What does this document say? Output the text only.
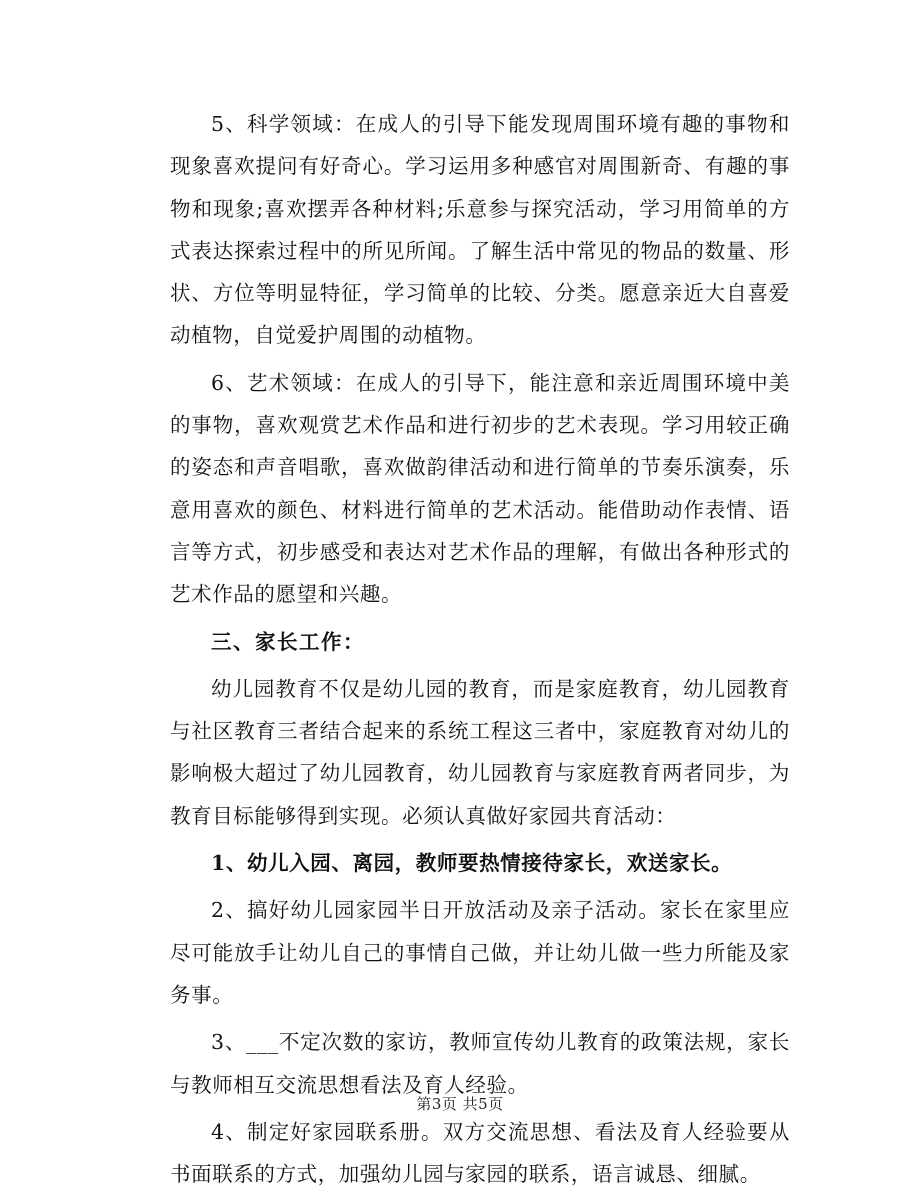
5、科学领域：在成人的引导下能发现周围环境有趣的事物和现象喜欢提问有好奇心。学习运用多种感官对周围新奇、有趣的事物和现象;喜欢摆弄各种材料;乐意参与探究活动，学习用简单的方式表达探索过程中的所见所闻。了解生活中常见的物品的数量、形状、方位等明显特征，学习简单的比较、分类。愿意亲近大自喜爱动植物，自觉爱护周围的动植物。

6、艺术领域：在成人的引导下，能注意和亲近周围环境中美的事物，喜欢观赏艺术作品和进行初步的艺术表现。学习用较正确的姿态和声音唱歌，喜欢做韵律活动和进行简单的节奏乐演奏，乐意用喜欢的颜色、材料进行简单的艺术活动。能借助动作表情、语言等方式，初步感受和表达对艺术作品的理解，有做出各种形式的艺术作品的愿望和兴趣。

三、家长工作：

幼儿园教育不仅是幼儿园的教育，而是家庭教育，幼儿园教育与社区教育三者结合起来的系统工程这三者中，家庭教育对幼儿的影响极大超过了幼儿园教育，幼儿园教育与家庭教育两者同步，为教育目标能够得到实现。必须认真做好家园共育活动：

1、幼儿入园、离园，教师要热情接待家长，欢送家长。

2、搞好幼儿园家园半日开放活动及亲子活动。家长在家里应尽可能放手让幼儿自己的事情自己做，并让幼儿做一些力所能及家务事。

3、___不定次数的家访，教师宣传幼儿教育的政策法规，家长与教师相互交流思想看法及育人经验。

4、制定好家园联系册。双方交流思想、看法及育人经验要从书面联系的方式，加强幼儿园与家园的联系，语言诚恳、细腻。

第3页 共5页
